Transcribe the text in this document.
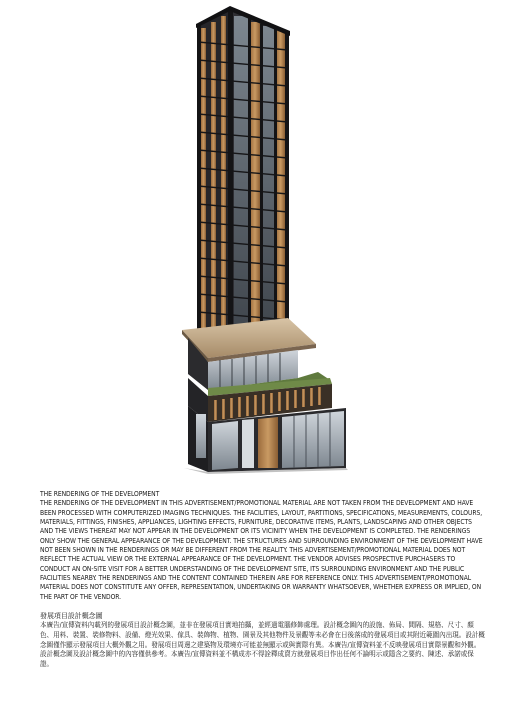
THE RENDERING OF THE DEVELOPMENT

THE RENDERING OF THE DEVELOPMENT IN THIS ADVERTISEMENT/PROMOTIONAL MATERIAL ARE NOT TAKEN FROM THE DEVELOPMENT AND HAVE BEEN PROCESSED WITH COMPUTERIZED IMAGING TECHNIQUES. THE FACILITIES, LAYOUT, PARTITIONS, SPECIFICATIONS, MEASUREMENTS, COLOURS, MATERIALS, FITTINGS, FINISHES, APPLIANCES, LIGHTING EFFECTS, FURNITURE, DECORATIVE ITEMS, PLANTS, LANDSCAPING AND OTHER OBJECTS AND THE VIEWS THEREAT MAY NOT APPEAR IN THE DEVELOPMENT OR ITS VICINITY WHEN THE DEVELOPMENT IS COMPLETED. THE RENDERINGS ONLY SHOW THE GENERAL APPEARANCE OF THE DEVELOPMENT. THE STRUCTURES AND SURROUNDING ENVIRONMENT OF THE DEVELOPMENT HAVE NOT BEEN SHOWN IN THE RENDERINGS OR MAY BE DIFFERENT FROM THE REALITY. THIS ADVERTISEMENT/PROMOTIONAL MATERIAL DOES NOT REFLECT THE ACTUAL VIEW OR THE EXTERNAL APPEARANCE OF THE DEVELOPMENT. THE VENDOR ADVISES PROSPECTIVE PURCHASERS TO CONDUCT AN ON-SITE VISIT FOR A BETTER UNDERSTANDING OF THE DEVELOPMENT SITE, ITS SURROUNDING ENVIRONMENT AND THE PUBLIC FACILITIES NEARBY. THE RENDERINGS AND THE CONTENT CONTAINED THEREIN ARE FOR REFERENCE ONLY. THIS ADVERTISEMENT/PROMOTIONAL MATERIAL DOES NOT CONSTITUTE ANY OFFER, REPRESENTATION, UNDERTAKING OR WARRANTY WHATSOEVER, WHETHER EXPRESS OR IMPLIED, ON THE PART OF THE VENDOR.

發展項目設計概念圖

本廣告/宣傳資料內載列的發展項目設計概念圖，並非在發展項目實地拍攝，並經過電腦修飾處理。設計概念圖內的設施、佈局、間隔、規格、尺寸、顏色、用料、裝置、裝修物料、設備、燈光效果、傢具、裝飾物、植物、園景及其他物件及景觀等未必會在日後落成的發展項目或其附近範圍內出現。設計概念圖僅作顯示發展項目大概外觀之用。發展項目周邊之建築物及環境亦可能並無顯示或與實際有異。本廣告/宣傳資料並不反映發展項目實際景觀和外觀。設計概念圖及設計概念圖中的內容僅供參考。本廣告/宣傳資料並不構成亦不得詮釋成賣方就發展項目作出任何不論明示或隱含之要約、陳述、承諾或保證。
